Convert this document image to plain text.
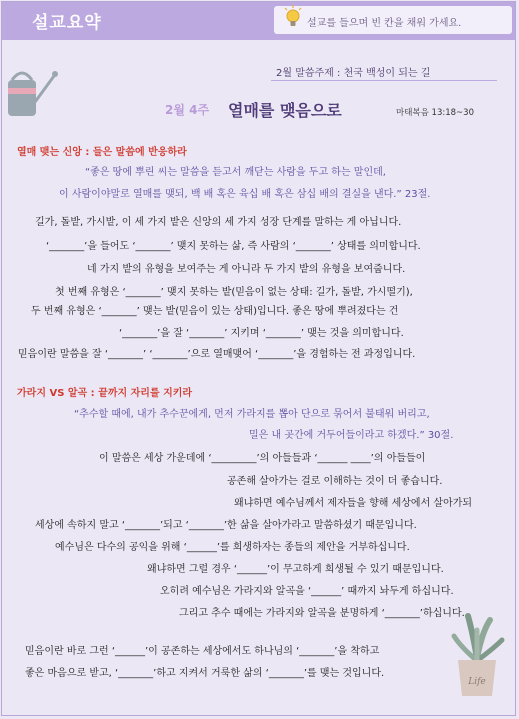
설교요약	설교를 들으며 빈 칸을 채워 가세요.
2월 말씀주제 : 천국 백성이 되는 길
2월 4주 열매를 맺음으로	마태복음 13:18~30
열매 맺는 신앙 : 들은 말씀에 반응하라
“좋은 땅에 뿌린 씨는 말씀을 듣고서 깨닫는 사람을 두고 하는 말인데,
이 사람이야말로 열매를 맺되, 백 배 혹은 육십 배 혹은 삼십 배의 결실을 낸다.” 23절.
길가, 돌밭, 가시밭, 이 세 가지 밭은 신앙의 세 가지 성장 단계를 말하는 게 아닙니다.
‘_______’을 들어도 ‘_______’ 맺지 못하는 삶, 즉 사람의 ‘_______’ 상태를 의미합니다.
네 가지 밭의 유형을 보여주는 게 아니라 두 가지 밭의 유형을 보여줍니다.
첫 번째 유형은 ‘_______’ 맺지 못하는 밭(믿음이 없는 상태: 길가, 돌밭, 가시떨기),
두 번째 유형은 ‘_______’ 맺는 밭(믿음이 있는 상태)입니다. 좋은 땅에 뿌려졌다는 건
‘_______’을 잘 ‘_______’ 지키며 ‘_______’ 맺는 것을 의미합니다.
믿음이란 말씀을 잘 ‘_______’ ‘_______’으로 열매맺어 ‘_______’을 경험하는 전 과정입니다.
가라지 VS 알곡 : 끝까지 자리를 지키라
“추수할 때에, 내가 추수꾼에게, 먼저 가라지를 뽑아 단으로 묶어서 불태워 버리고,
밀은 내 곳간에 거두어들이라고 하겠다.” 30절.
이 말씀은 세상 가운데에 ‘_________’의 아들들과 ‘______ ____’의 아들들이
공존해 살아가는 걸로 이해하는 것이 더 좋습니다.
왜냐하면 예수님께서 제자들을 향해 세상에서 살아가되
세상에 속하지 말고 ‘_______’되고 ‘_______’한 삶을 살아가라고 말씀하셨기 때문입니다.
예수님은 다수의 공익을 위해 ‘______’를 희생하자는 종들의 제안을 거부하십니다.
왜냐하면 그럴 경우 ‘______’이 무고하게 희생될 수 있기 때문입니다.
오히려 예수님은 가라지와 알곡을 ‘______’ 때까지 놔두게 하십니다.
그리고 추수 때에는 가라지와 알곡을 분명하게 ‘_______’하십니다.
믿음이란 바로 그런 ‘______’이 공존하는 세상에서도 하나님의 ‘_______’을 착하고
좋은 마음으로 받고, ‘_______’하고 지켜서 거룩한 삶의 ‘_______’를 맺는 것입니다.
Life
